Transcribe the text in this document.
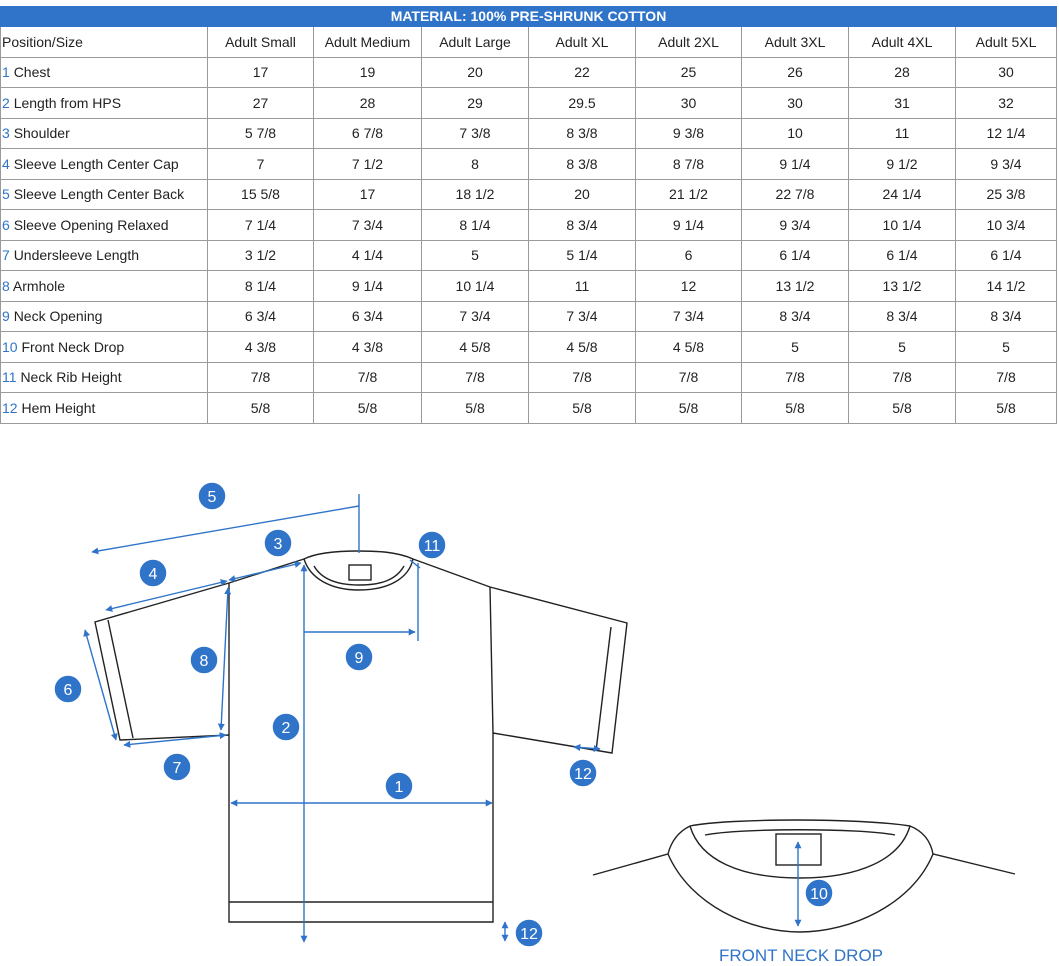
MATERIAL: 100% PRE-SHRUNK COTTON
Position/Size	Adult Small	Adult Medium	Adult Large	Adult XL	Adult 2XL	Adult 3XL	Adult 4XL	Adult 5XL
1 Chest	17	19	20	22	25	26	28	30
2 Length from HPS	27	28	29	29.5	30	30	31	32
3 Shoulder	5 7/8	6 7/8	7 3/8	8 3/8	9 3/8	10	11	12 1/4
4 Sleeve Length Center Cap	7	7 1/2	8	8 3/8	8 7/8	9 1/4	9 1/2	9 3/4
5 Sleeve Length Center Back	15 5/8	17	18 1/2	20	21 1/2	22 7/8	24 1/4	25 3/8
6 Sleeve Opening Relaxed	7 1/4	7 3/4	8 1/4	8 3/4	9 1/4	9 3/4	10 1/4	10 3/4
7 Undersleeve Length	3 1/2	4 1/4	5	5 1/4	6	6 1/4	6 1/4	6 1/4
8 Armhole	8 1/4	9 1/4	10 1/4	11	12	13 1/2	13 1/2	14 1/2
9 Neck Opening	6 3/4	6 3/4	7 3/4	7 3/4	7 3/4	8 3/4	8 3/4	8 3/4
10 Front Neck Drop	4 3/8	4 3/8	4 5/8	4 5/8	4 5/8	5	5	5
11 Neck Rib Height	7/8	7/8	7/8	7/8	7/8	7/8	7/8	7/8
12 Hem Height	5/8	5/8	5/8	5/8	5/8	5/8	5/8	5/8
1
2
3
4
5
6
7
8	9
10
11
12
12
FRONT NECK DROP
